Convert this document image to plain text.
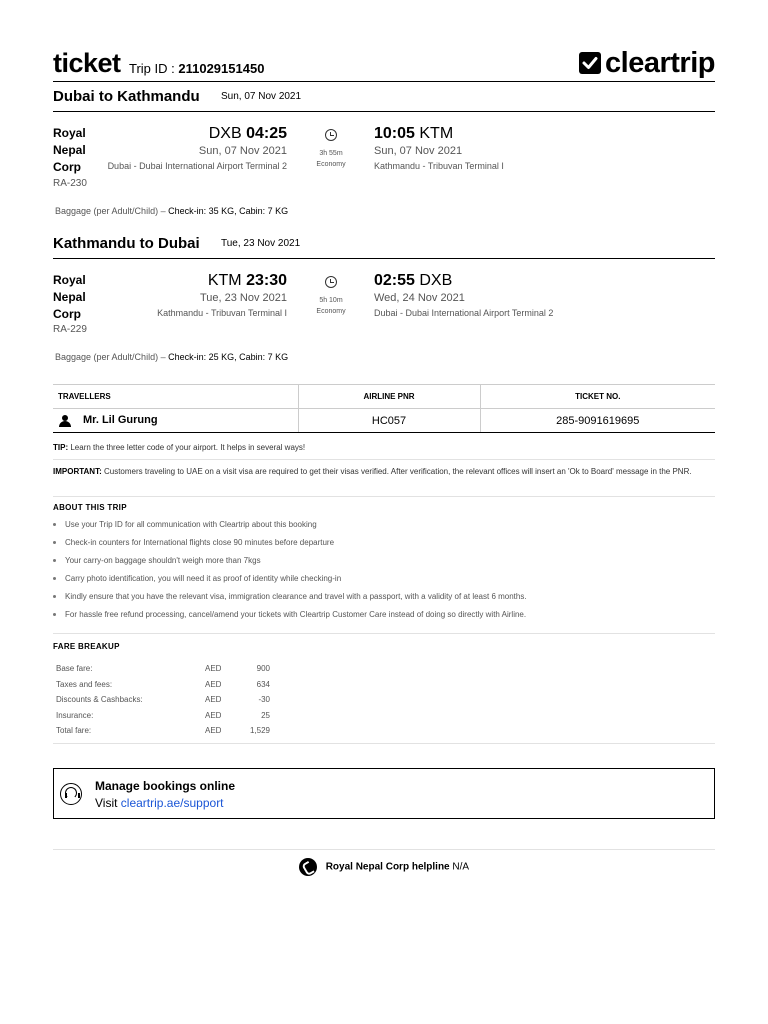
ticket Trip ID : 211029151450	cleartrip
Dubai to Kathmandu Sun, 07 Nov 2021
Royal
Nepal
Corp
RA-230
DXB 04:25
Sun, 07 Nov 2021
Dubai - Dubai International Airport Terminal 2
3h 55m
Economy
10:05 KTM
Sun, 07 Nov 2021
Kathmandu - Tribuvan Terminal I
Baggage (per Adult/Child) – Check-in: 35 KG, Cabin: 7 KG
Kathmandu to Dubai Tue, 23 Nov 2021
Royal
Nepal
Corp
RA-229
KTM 23:30
Tue, 23 Nov 2021
Kathmandu - Tribuvan Terminal I
5h 10m
Economy
02:55 DXB
Wed, 24 Nov 2021
Dubai - Dubai International Airport Terminal 2
Baggage (per Adult/Child) – Check-in: 25 KG, Cabin: 7 KG
TRAVELLERS	AIRLINE PNR	TICKET NO.
Mr. Lil Gurung	HC057	285-9091619695
TIP: Learn the three letter code of your airport. It helps in several ways!
IMPORTANT: Customers traveling to UAE on a visit visa are required to get their visas verified. After verification, the relevant offices will insert an 'Ok to Board' message in the PNR.
ABOUT THIS TRIP
Use your Trip ID for all communication with Cleartrip about this booking
Check-in counters for International flights close 90 minutes before departure
Your carry-on baggage shouldn't weigh more than 7kgs
Carry photo identification, you will need it as proof of identity while checking-in
Kindly ensure that you have the relevant visa, immigration clearance and travel with a passport, with a validity of at least 6 months.
For hassle free refund processing, cancel/amend your tickets with Cleartrip Customer Care instead of doing so directly with Airline.
FARE BREAKUP
Base fare:	AED	900
Taxes and fees:	AED	634
Discounts & Cashbacks:	AED	-30
Insurance:	AED	25
Total fare:	AED	1,529
Manage bookings online
Visit cleartrip.ae/support
Royal Nepal Corp helpline N/A
